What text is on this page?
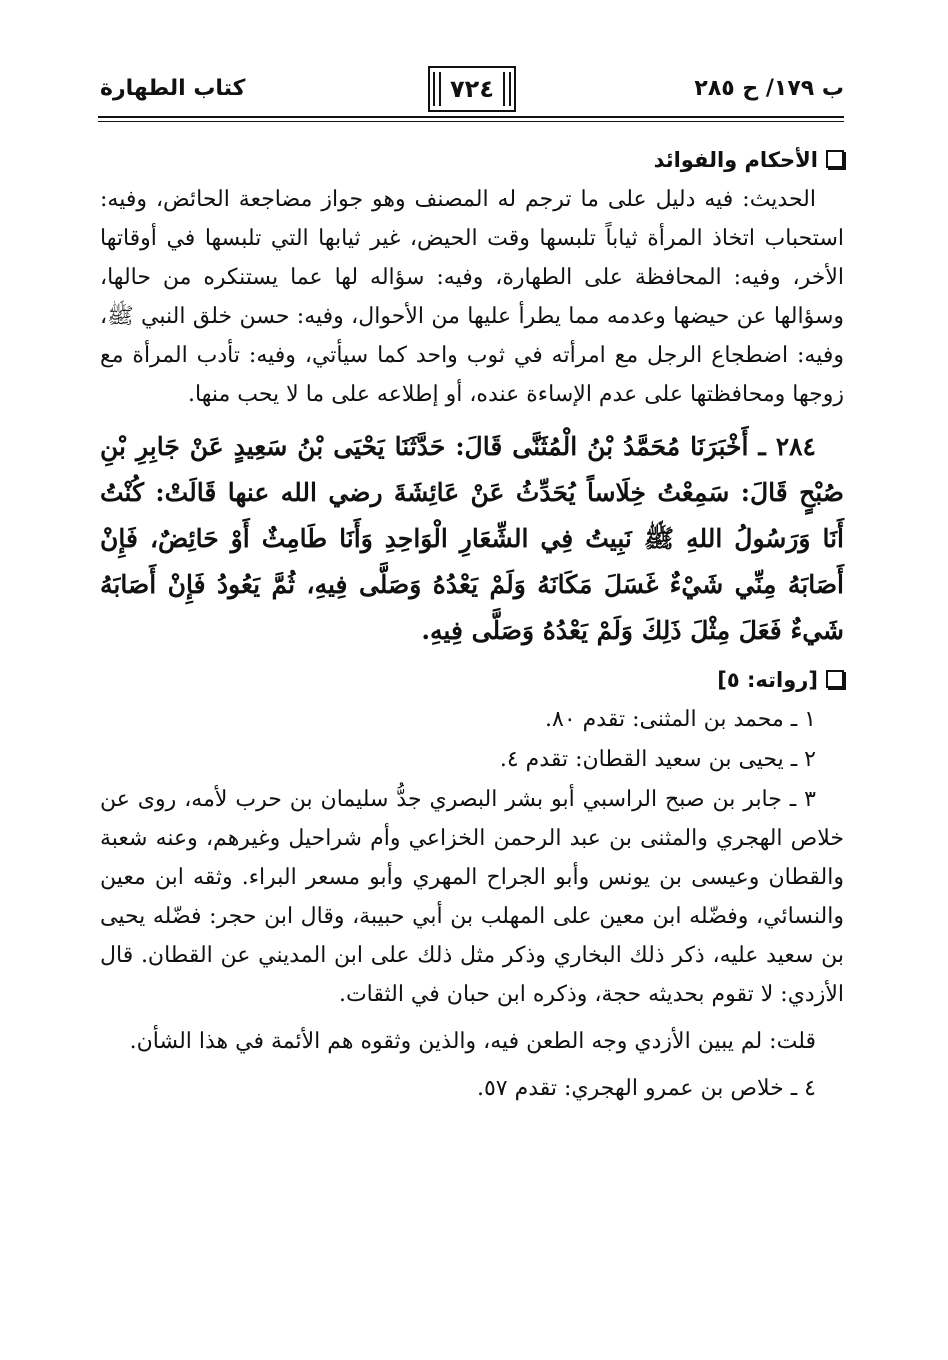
كتاب الطهارة	٧٢٤	ب ١٧٩/ ح ٢٨٥
الأحكام والفوائد

الحديث: فيه دليل على ما ترجم له المصنف وهو جواز مضاجعة الحائض، وفيه: استحباب اتخاذ المرأة ثياباً تلبسها وقت الحيض، غير ثيابها التي تلبسها في أوقاتها الأخر، وفيه: المحافظة على الطهارة، وفيه: سؤاله لها عما يستنكره من حالها، وسؤالها عن حيضها وعدمه مما يطرأ عليها من الأحوال، وفيه: حسن خلق النبي ﷺ، وفيه: اضطجاع الرجل مع امرأته في ثوب واحد كما سيأتي، وفيه: تأدب المرأة مع زوجها ومحافظتها على عدم الإساءة عنده، أو إطلاعه على ما لا يحب منها.

٢٨٤ ـ أَخْبَرَنَا مُحَمَّدُ بْنُ الْمُثَنَّى قَالَ: حَدَّثَنَا يَحْيَى بْنُ سَعِيدٍ عَنْ جَابِرِ بْنِ صُبْحٍ قَالَ: سَمِعْتُ خِلَاساً يُحَدِّثُ عَنْ عَائِشَةَ رضي الله عنها قَالَتْ: كُنْتُ أَنَا وَرَسُولُ اللهِ ﷺ نَبِيتُ فِي الشِّعَارِ الْوَاحِدِ وَأَنَا طَامِثٌ أَوْ حَائِضٌ، فَإِنْ أَصَابَهُ مِنِّي شَيْءٌ غَسَلَ مَكَانَهُ وَلَمْ يَعْدُهُ وَصَلَّى فِيهِ، ثُمَّ يَعُودُ فَإِنْ أَصَابَهُ شَيءٌ فَعَلَ مِثْلَ ذَلِكَ وَلَمْ يَعْدُهُ وَصَلَّى فِيهِ.

[رواته: ٥]

١ ـ محمد بن المثنى: تقدم ٨٠.

٢ ـ يحيى بن سعيد القطان: تقدم ٤.

٣ ـ جابر بن صبح الراسبي أبو بشر البصري جدُّ سليمان بن حرب لأمه، روى عن خلاص الهجري والمثنى بن عبد الرحمن الخزاعي وأم شراحيل وغيرهم، وعنه شعبة والقطان وعيسى بن يونس وأبو الجراح المهري وأبو مسعر البراء. وثقه ابن معين والنسائي، وفضّله ابن معين على المهلب بن أبي حبيبة، وقال ابن حجر: فضّله يحيى بن سعيد عليه، ذكر ذلك البخاري وذكر مثل ذلك على ابن المديني عن القطان. قال الأزدي: لا تقوم بحديثه حجة، وذكره ابن حبان في الثقات.

قلت: لم يبين الأزدي وجه الطعن فيه، والذين وثقوه هم الأئمة في هذا الشأن.

٤ ـ خلاص بن عمرو الهجري: تقدم ٥٧.
